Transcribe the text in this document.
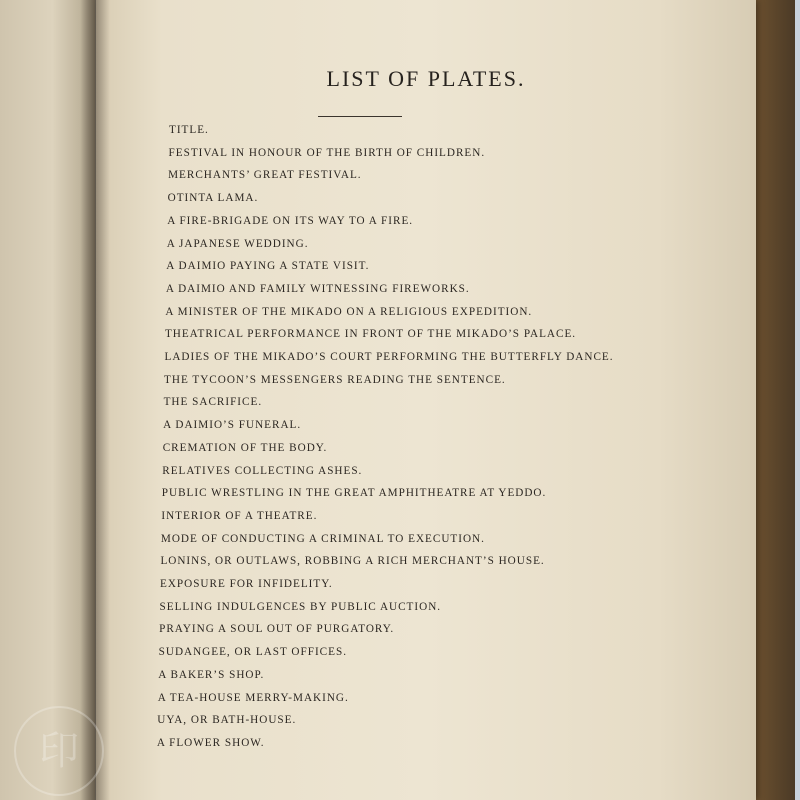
LIST OF PLATES.
TITLE.
FESTIVAL IN HONOUR OF THE BIRTH OF CHILDREN.
MERCHANTS’ GREAT FESTIVAL.
OTINTA LAMA.
A FIRE-BRIGADE ON ITS WAY TO A FIRE.
A JAPANESE WEDDING.
A DAIMIO PAYING A STATE VISIT.
A DAIMIO AND FAMILY WITNESSING FIREWORKS.
A MINISTER OF THE MIKADO ON A RELIGIOUS EXPEDITION.
THEATRICAL PERFORMANCE IN FRONT OF THE MIKADO’S PALACE.
LADIES OF THE MIKADO’S COURT PERFORMING THE BUTTERFLY DANCE.
THE TYCOON’S MESSENGERS READING THE SENTENCE.
THE SACRIFICE.
A DAIMIO’S FUNERAL.
CREMATION OF THE BODY.
RELATIVES COLLECTING ASHES.
PUBLIC WRESTLING IN THE GREAT AMPHITHEATRE AT YEDDO.
INTERIOR OF A THEATRE.
MODE OF CONDUCTING A CRIMINAL TO EXECUTION.
LONINS, OR OUTLAWS, ROBBING A RICH MERCHANT’S HOUSE.
EXPOSURE FOR INFIDELITY.
SELLING INDULGENCES BY PUBLIC AUCTION.
PRAYING A SOUL OUT OF PURGATORY.
SUDANGEE, OR LAST OFFICES.
A BAKER’S SHOP.
A TEA-HOUSE MERRY-MAKING.
UYA, OR BATH-HOUSE.
A FLOWER SHOW.
印
